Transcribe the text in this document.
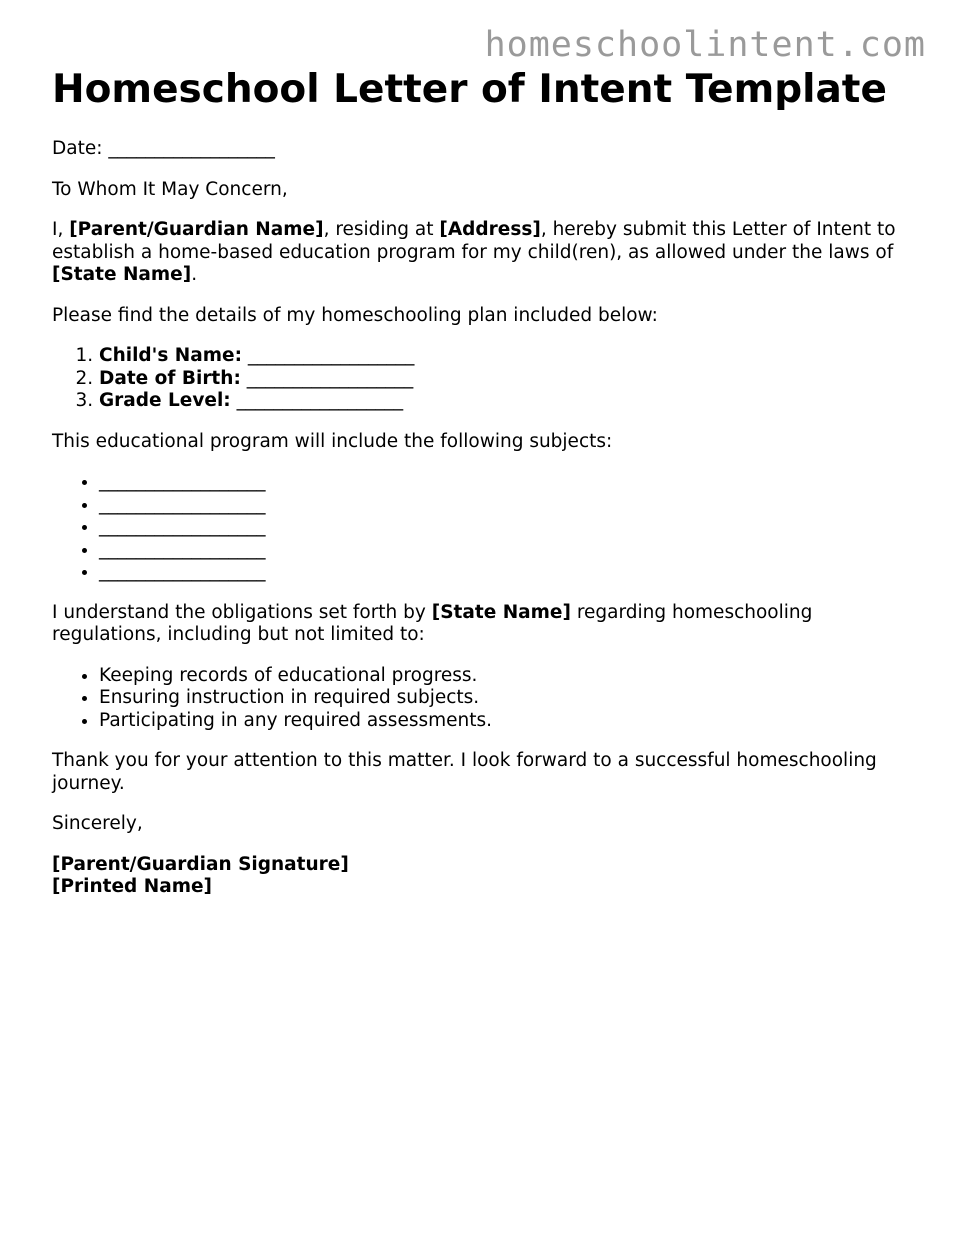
homeschoolintent.com
Homeschool Letter of Intent Template

Date: __________________

To Whom It May Concern,

I, [Parent/Guardian Name], residing at [Address], hereby submit this Letter of Intent to establish a home-based education program for my child(ren), as allowed under the laws of [State Name].

Please find the details of my homeschooling plan included below:

1. Child's Name: __________________
2. Date of Birth: __________________
3. Grade Level: __________________

This educational program will include the following subjects:

• __________________
• __________________
• __________________
• __________________
• __________________

I understand the obligations set forth by [State Name] regarding homeschooling regulations, including but not limited to:

• Keeping records of educational progress.
• Ensuring instruction in required subjects.
• Participating in any required assessments.

Thank you for your attention to this matter. I look forward to a successful homeschooling journey.

Sincerely,

[Parent/Guardian Signature]

[Printed Name]
